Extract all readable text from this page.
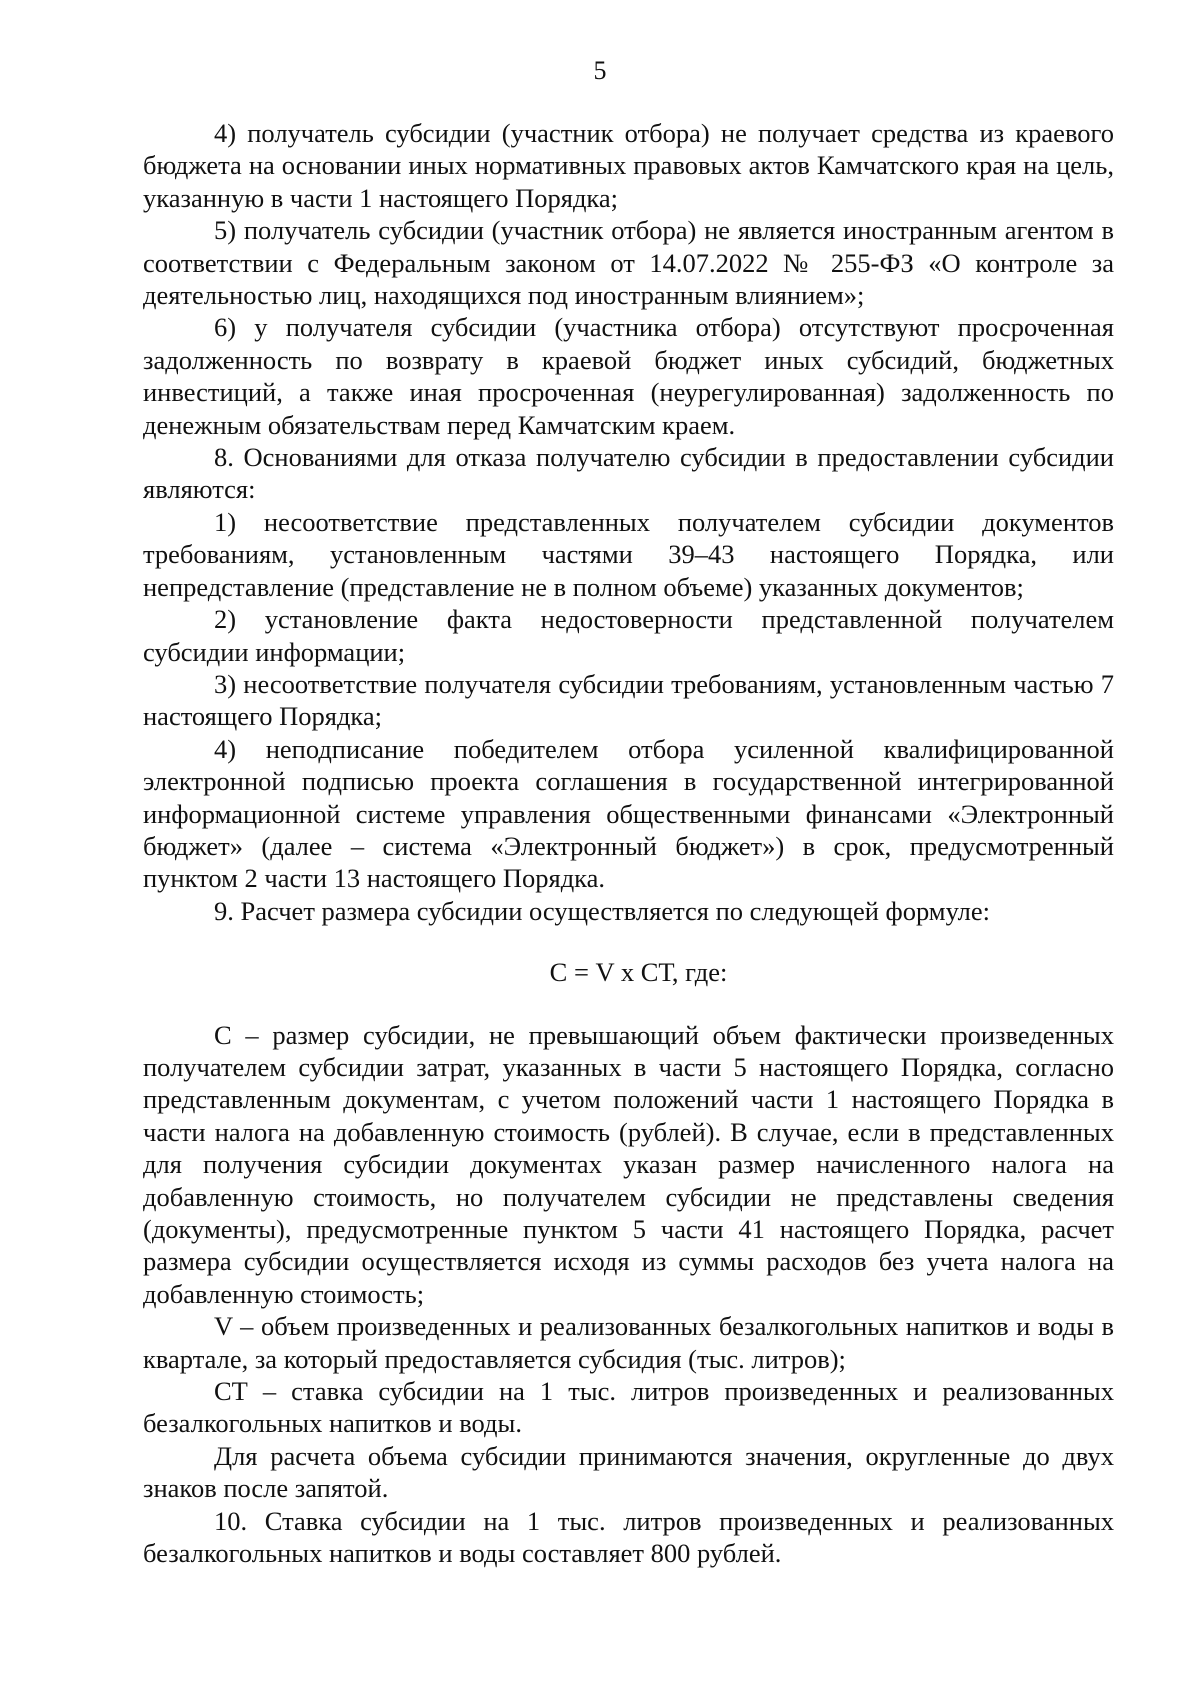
5

4) получатель субсидии (участник отбора) не получает средства из краевого бюджета на основании иных нормативных правовых актов Камчатского края на цель, указанную в части 1 настоящего Порядка;

5) получатель субсидии (участник отбора) не является иностранным агентом в соответствии с Федеральным законом от 14.07.2022 № 255-ФЗ «О контроле за деятельностью лиц, находящихся под иностранным влиянием»;

6) у получателя субсидии (участника отбора) отсутствуют просроченная задолженность по возврату в краевой бюджет иных субсидий, бюджетных инвестиций, а также иная просроченная (неурегулированная) задолженность по денежным обязательствам перед Камчатским краем.

8. Основаниями для отказа получателю субсидии в предоставлении субсидии являются:

1) несоответствие представленных получателем субсидии документов требованиям, установленным частями 39–43 настоящего Порядка, или непредставление (представление не в полном объеме) указанных документов;

2) установление факта недостоверности представленной получателем субсидии информации;

3) несоответствие получателя субсидии требованиям, установленным частью 7 настоящего Порядка;

4) неподписание победителем отбора усиленной квалифицированной электронной подписью проекта соглашения в государственной интегрированной информационной системе управления общественными финансами «Электронный бюджет» (далее – система «Электронный бюджет») в срок, предусмотренный пунктом 2 части 13 настоящего Порядка.

9. Расчет размера субсидии осуществляется по следующей формуле:

С = V х СТ, где:

С – размер субсидии, не превышающий объем фактически произведенных получателем субсидии затрат, указанных в части 5 настоящего Порядка, согласно представленным документам, с учетом положений части 1 настоящего Порядка в части налога на добавленную стоимость (рублей). В случае, если в представленных для получения субсидии документах указан размер начисленного налога на добавленную стоимость, но получателем субсидии не представлены сведения (документы), предусмотренные пунктом 5 части 41 настоящего Порядка, расчет размера субсидии осуществляется исходя из суммы расходов без учета налога на добавленную стоимость;

V – объем произведенных и реализованных безалкогольных напитков и воды в квартале, за который предоставляется субсидия (тыс. литров);

СТ – ставка субсидии на 1 тыс. литров произведенных и реализованных безалкогольных напитков и воды.

Для расчета объема субсидии принимаются значения, округленные до двух знаков после запятой.

10. Ставка субсидии на 1 тыс. литров произведенных и реализованных безалкогольных напитков и воды составляет 800 рублей.
